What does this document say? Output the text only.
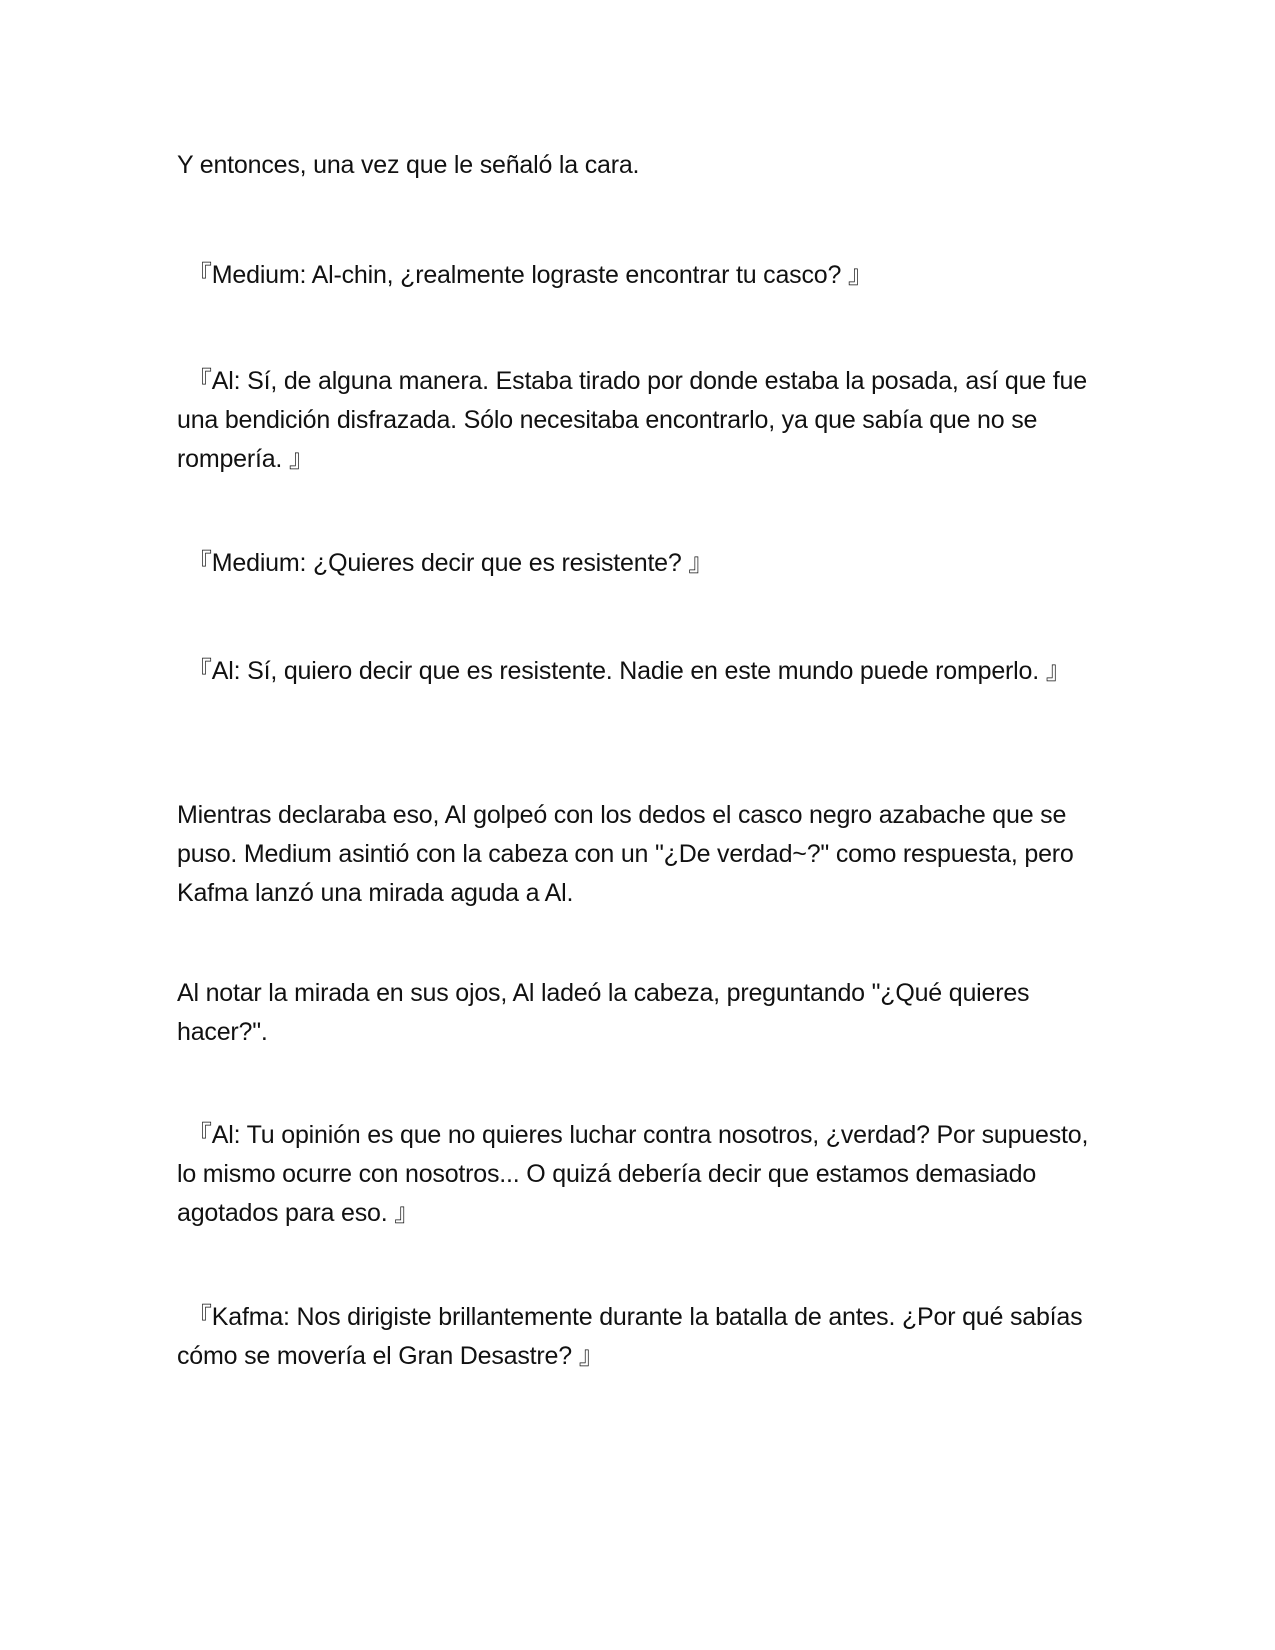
Y entonces, una vez que le señaló la cara.

『Medium: Al-chin, ¿realmente lograste encontrar tu casco? 』

『Al: Sí, de alguna manera. Estaba tirado por donde estaba la posada, así que fue una bendición disfrazada. Sólo necesitaba encontrarlo, ya que sabía que no se rompería. 』

『Medium: ¿Quieres decir que es resistente? 』

『Al: Sí, quiero decir que es resistente. Nadie en este mundo puede romperlo. 』

Mientras declaraba eso, Al golpeó con los dedos el casco negro azabache que se puso. Medium asintió con la cabeza con un "¿De verdad~?" como respuesta, pero Kafma lanzó una mirada aguda a Al.

Al notar la mirada en sus ojos, Al ladeó la cabeza, preguntando "¿Qué quieres hacer?".

『Al: Tu opinión es que no quieres luchar contra nosotros, ¿verdad? Por supuesto, lo mismo ocurre con nosotros... O quizá debería decir que estamos demasiado agotados para eso. 』

『Kafma: Nos dirigiste brillantemente durante la batalla de antes. ¿Por qué sabías cómo se movería el Gran Desastre? 』
